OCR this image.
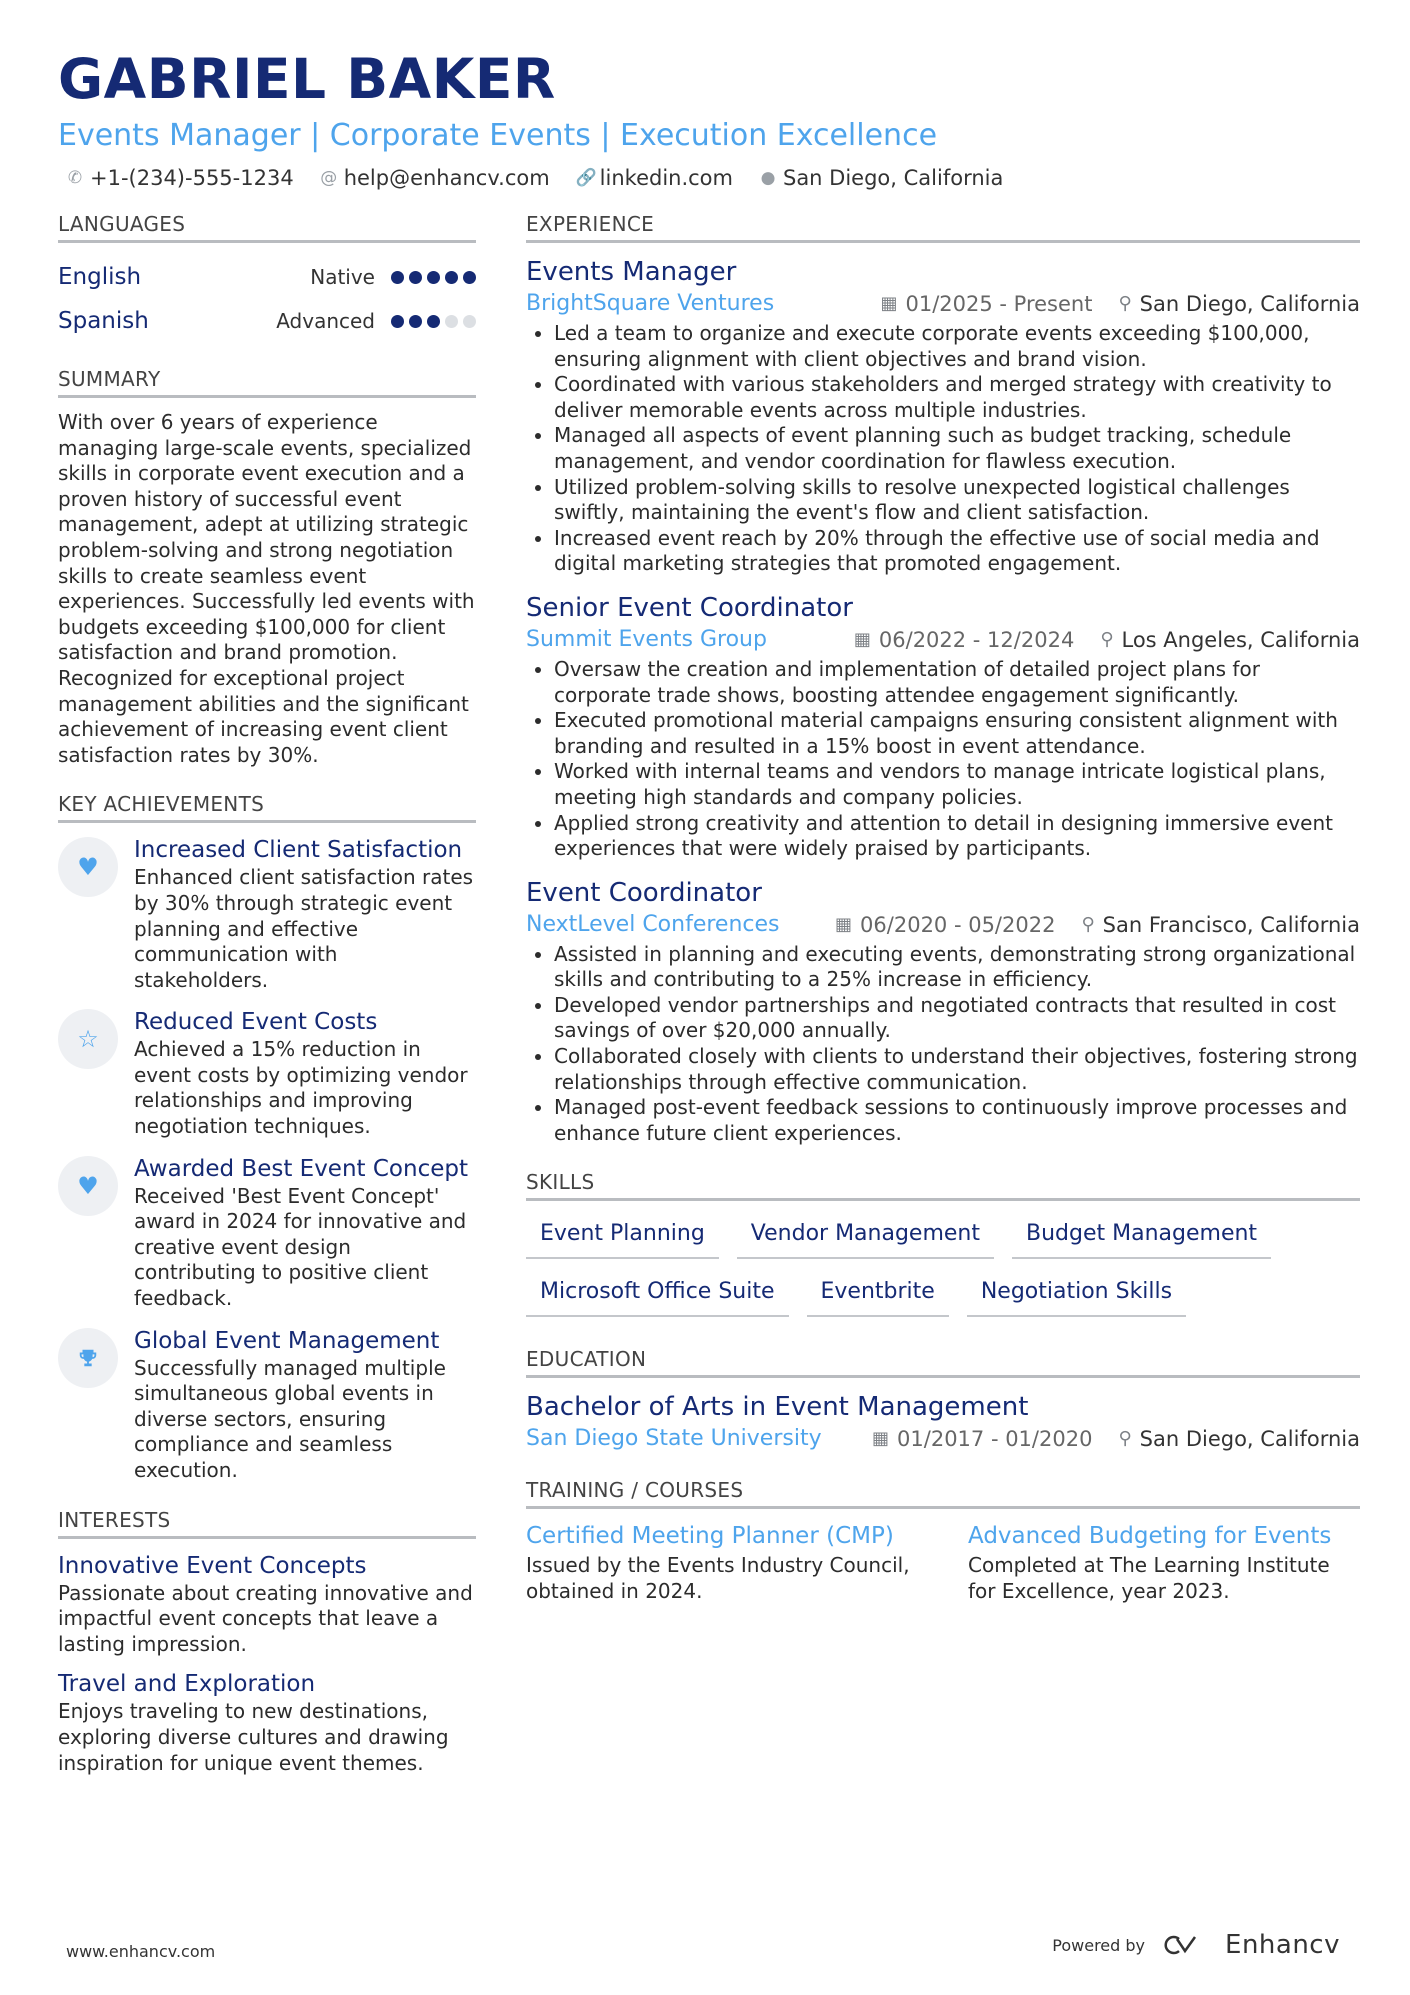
GABRIEL BAKER
Events Manager | Corporate Events | Execution Excellence
✆ +1-(234)-555-1234 @ help@enhancv.com 🔗 linkedin.com ● San Diego, California
LANGUAGES
English	Native
Spanish	Advanced
SUMMARY

With over 6 years of experience managing large-scale events, specialized skills in corporate event execution and a proven history of successful event management, adept at utilizing strategic problem-solving and strong negotiation skills to create seamless event experiences. Successfully led events with budgets exceeding $100,000 for client satisfaction and brand promotion. Recognized for exceptional project management abilities and the significant achievement of increasing event client satisfaction rates by 30%.

KEY ACHIEVEMENTS
♥
Increased Client Satisfaction

Enhanced client satisfaction rates by 30% through strategic event planning and effective communication with stakeholders.

☆
Reduced Event Costs

Achieved a 15% reduction in event costs by optimizing vendor relationships and improving negotiation techniques.

♥
Awarded Best Event Concept

Received 'Best Event Concept' award in 2024 for innovative and creative event design contributing to positive client feedback.

Global Event Management

Successfully managed multiple simultaneous global events in diverse sectors, ensuring compliance and seamless execution.

INTERESTS
Innovative Event Concepts

Passionate about creating innovative and impactful event concepts that leave a lasting impression.

Travel and Exploration

Enjoys traveling to new destinations, exploring diverse cultures and drawing inspiration for unique event themes.

EXPERIENCE
Events Manager
BrightSquare Ventures	▦ 01/2025 - Present ⚲ San Diego, California
• Led a team to organize and execute corporate events exceeding $100,000, ensuring alignment with client objectives and brand vision.
• Coordinated with various stakeholders and merged strategy with creativity to deliver memorable events across multiple industries.
• Managed all aspects of event planning such as budget tracking, schedule management, and vendor coordination for flawless execution.
• Utilized problem-solving skills to resolve unexpected logistical challenges swiftly, maintaining the event's flow and client satisfaction.
• Increased event reach by 20% through the effective use of social media and digital marketing strategies that promoted engagement.
Senior Event Coordinator
Summit Events Group	▦ 06/2022 - 12/2024 ⚲ Los Angeles, California
• Oversaw the creation and implementation of detailed project plans for corporate trade shows, boosting attendee engagement significantly.
• Executed promotional material campaigns ensuring consistent alignment with branding and resulted in a 15% boost in event attendance.
• Worked with internal teams and vendors to manage intricate logistical plans, meeting high standards and company policies.
• Applied strong creativity and attention to detail in designing immersive event experiences that were widely praised by participants.
Event Coordinator
NextLevel Conferences	▦ 06/2020 - 05/2022 ⚲ San Francisco, California
• Assisted in planning and executing events, demonstrating strong organizational skills and contributing to a 25% increase in efficiency.
• Developed vendor partnerships and negotiated contracts that resulted in cost savings of over $20,000 annually.
• Collaborated closely with clients to understand their objectives, fostering strong relationships through effective communication.
• Managed post-event feedback sessions to continuously improve processes and enhance future client experiences.
SKILLS
Event Planning	Vendor Management	Budget Management
Microsoft Office Suite	Eventbrite	Negotiation Skills
EDUCATION
Bachelor of Arts in Event Management
San Diego State University	▦ 01/2017 - 01/2020 ⚲ San Diego, California
TRAINING / COURSES
Certified Meeting Planner (CMP)

Issued by the Events Industry Council, obtained in 2024.

Advanced Budgeting for Events

Completed at The Learning Institute for Excellence, year 2023.

www.enhancv.com	Powered by	Enhancv
